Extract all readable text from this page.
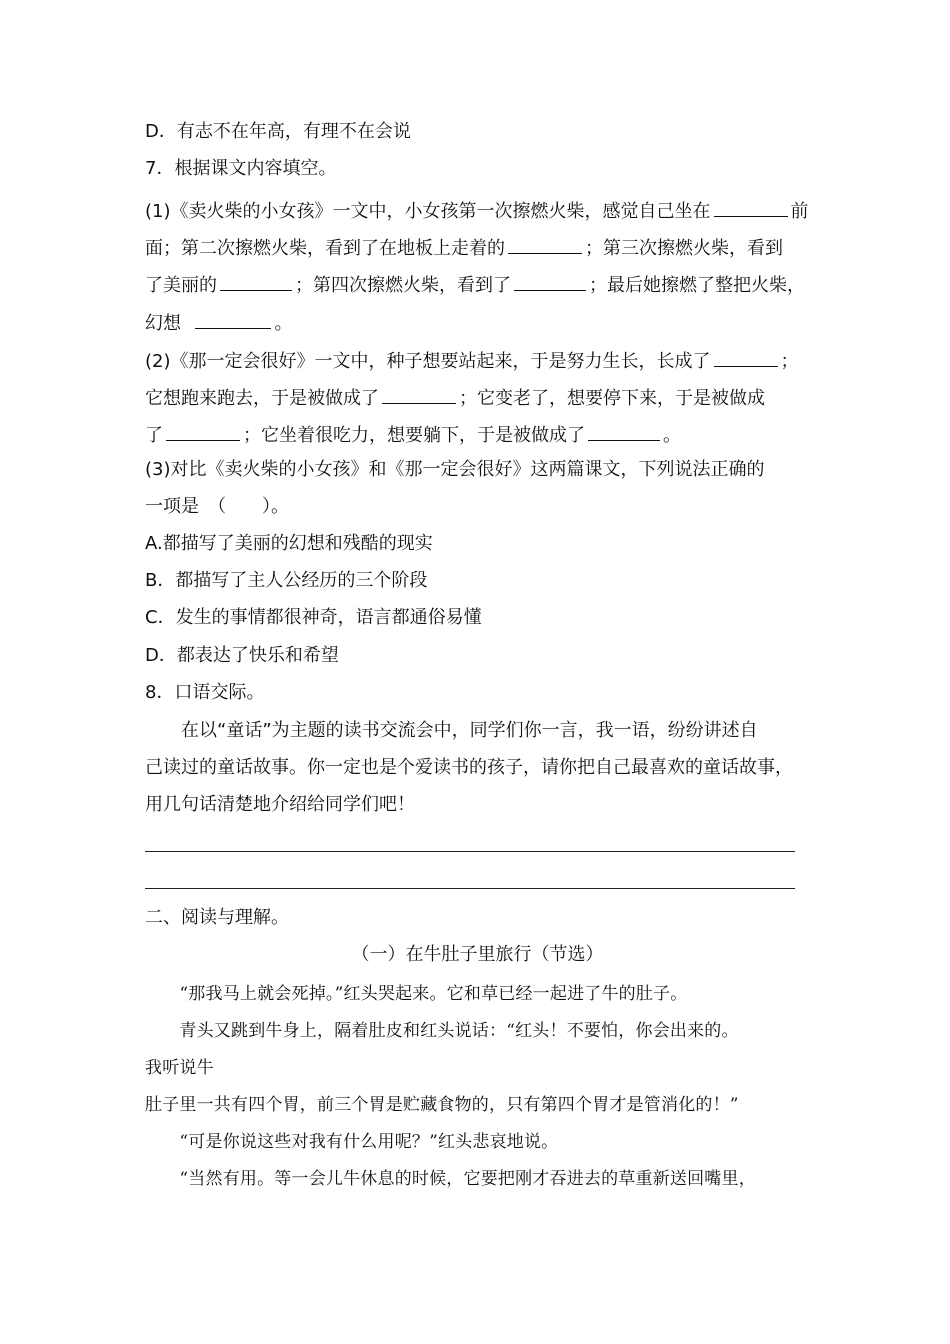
D．有志不在年高，有理不在会说
7．根据课文内容填空。
(1)《卖火柴的小女孩》一文中，小女孩第一次擦燃火柴，感觉自己坐在	前
面；第二次擦燃火柴，看到了在地板上走着的	；第三次擦燃火柴，看到
了美丽的	；第四次擦燃火柴，看到了	；最后她擦燃了整把火柴，
幻想	。
(2)《那一定会很好》一文中，种子想要站起来，于是努力生长，长成了	；
它想跑来跑去，于是被做成了	；它变老了，想要停下来，于是被做成
了	；它坐着很吃力，想要躺下，于是被做成了	。
(3)对比《卖火柴的小女孩》和《那一定会很好》这两篇课文，下列说法正确的
一项是　（　　）。
A.都描写了美丽的幻想和残酷的现实
B．都描写了主人公经历的三个阶段
C．发生的事情都很神奇，语言都通俗易懂
D．都表达了快乐和希望
8．口语交际。
　　在以“童话”为主题的读书交流会中，同学们你一言，我一语，纷纷讲述自
己读过的童话故事。你一定也是个爱读书的孩子，请你把自己最喜欢的童话故事，
用几句话清楚地介绍给同学们吧！
二、阅读与理解。
（一）在牛肚子里旅行（节选）
　　“那我马上就会死掉。”红头哭起来。它和草已经一起进了牛的肚子。
　　青头又跳到牛身上，隔着肚皮和红头说话：“红头！不要怕，你会出来的。
我听说牛
肚子里一共有四个胃，前三个胃是贮藏食物的，只有第四个胃才是管消化的！”
　　“可是你说这些对我有什么用呢？”红头悲哀地说。
　　“当然有用。等一会儿牛休息的时候，它要把刚才吞进去的草重新送回嘴里，
